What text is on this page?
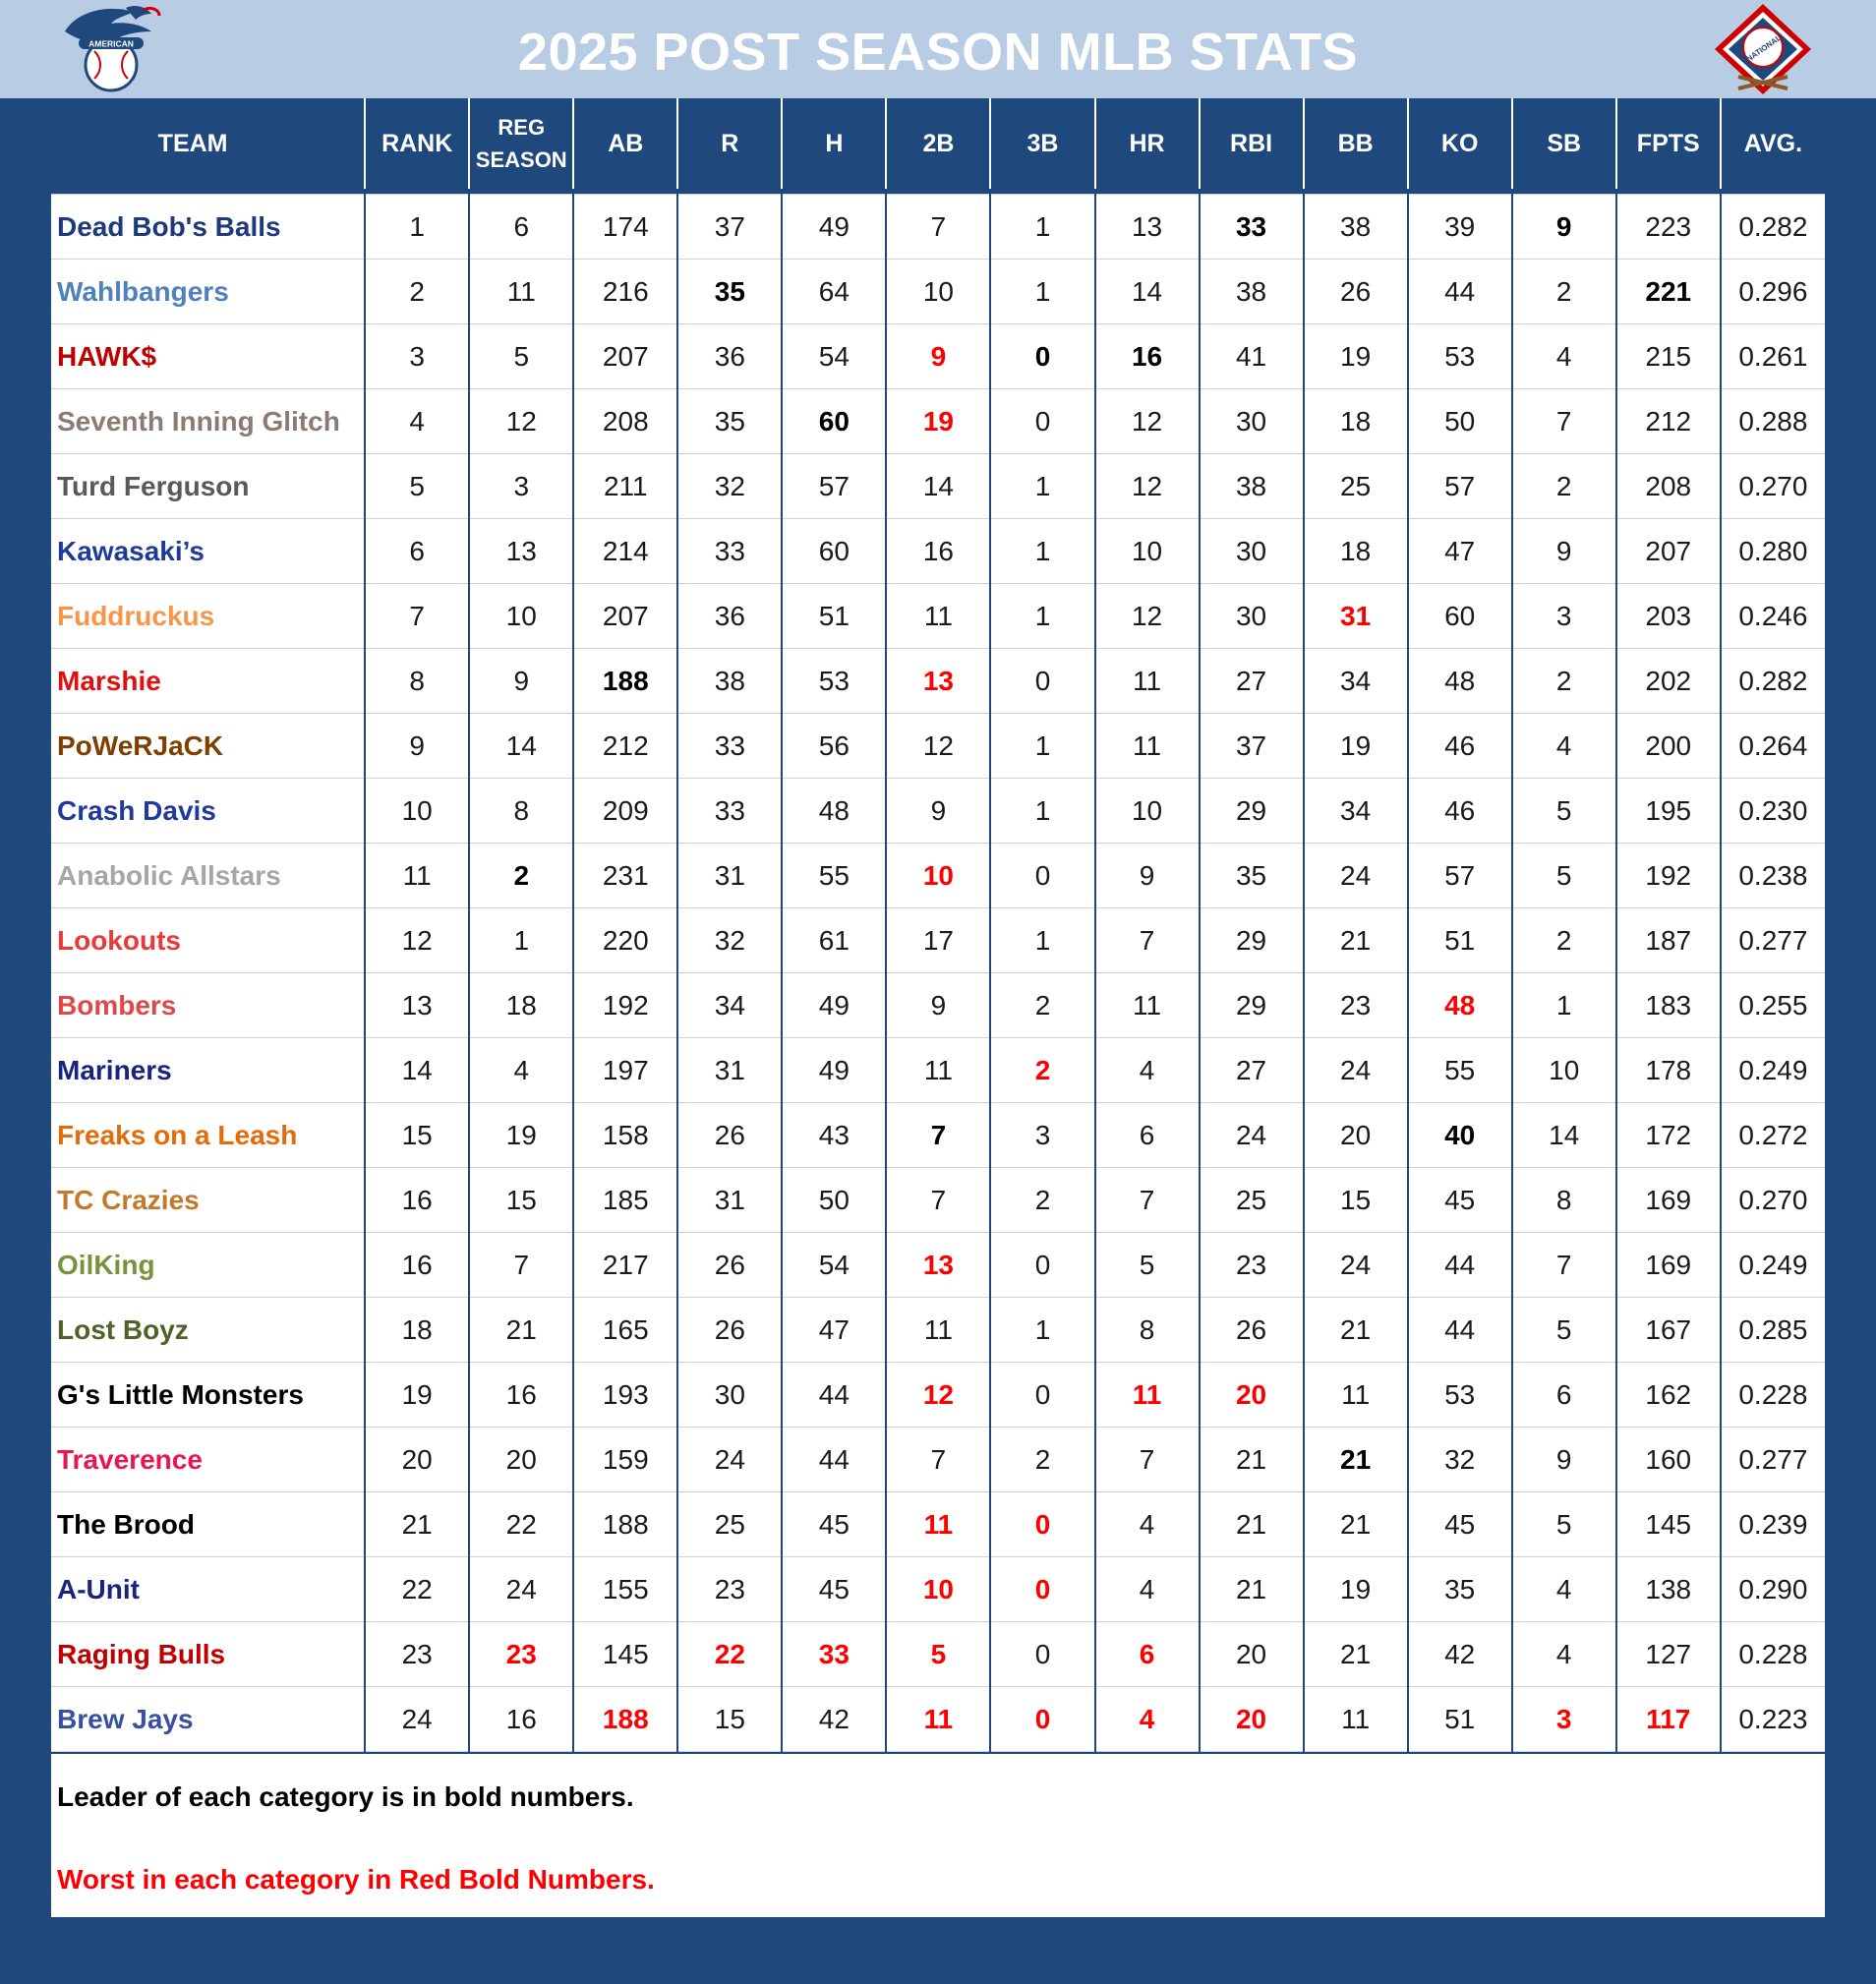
AMERICAN	NATIONAL
2025 POST SEASON MLB STATS
TEAM	RANK	REG SEASON	AB	R	H	2B	3B	HR	RBI	BB	KO	SB	FPTS	AVG.

Dead Bob's Balls	1	6	174	37	49	7	1	13	33	38	39	9	223	0.282
Wahlbangers	2	11	216	35	64	10	1	14	38	26	44	2	221	0.296
HAWK$	3	5	207	36	54	9	0	16	41	19	53	4	215	0.261
Seventh Inning Glitch	4	12	208	35	60	19	0	12	30	18	50	7	212	0.288
Turd Ferguson	5	3	211	32	57	14	1	12	38	25	57	2	208	0.270
Kawasaki’s	6	13	214	33	60	16	1	10	30	18	47	9	207	0.280
Fuddruckus	7	10	207	36	51	11	1	12	30	31	60	3	203	0.246
Marshie	8	9	188	38	53	13	0	11	27	34	48	2	202	0.282
PoWeRJaCK	9	14	212	33	56	12	1	11	37	19	46	4	200	0.264
Crash Davis	10	8	209	33	48	9	1	10	29	34	46	5	195	0.230
Anabolic Allstars	11	2	231	31	55	10	0	9	35	24	57	5	192	0.238
Lookouts	12	1	220	32	61	17	1	7	29	21	51	2	187	0.277
Bombers	13	18	192	34	49	9	2	11	29	23	48	1	183	0.255
Mariners	14	4	197	31	49	11	2	4	27	24	55	10	178	0.249
Freaks on a Leash	15	19	158	26	43	7	3	6	24	20	40	14	172	0.272
TC Crazies	16	15	185	31	50	7	2	7	25	15	45	8	169	0.270
OilKing	16	7	217	26	54	13	0	5	23	24	44	7	169	0.249
Lost Boyz	18	21	165	26	47	11	1	8	26	21	44	5	167	0.285
G's Little Monsters	19	16	193	30	44	12	0	11	20	11	53	6	162	0.228
Traverence	20	20	159	24	44	7	2	7	21	21	32	9	160	0.277
The Brood	21	22	188	25	45	11	0	4	21	21	45	5	145	0.239
A-Unit	22	24	155	23	45	10	0	4	21	19	35	4	138	0.290
Raging Bulls	23	23	145	22	33	5	0	6	20	21	42	4	127	0.228
Brew Jays	24	16	188	15	42	11	0	4	20	11	51	3	117	0.223
Leader of each category is in bold numbers.
Worst in each category in Red Bold Numbers.
